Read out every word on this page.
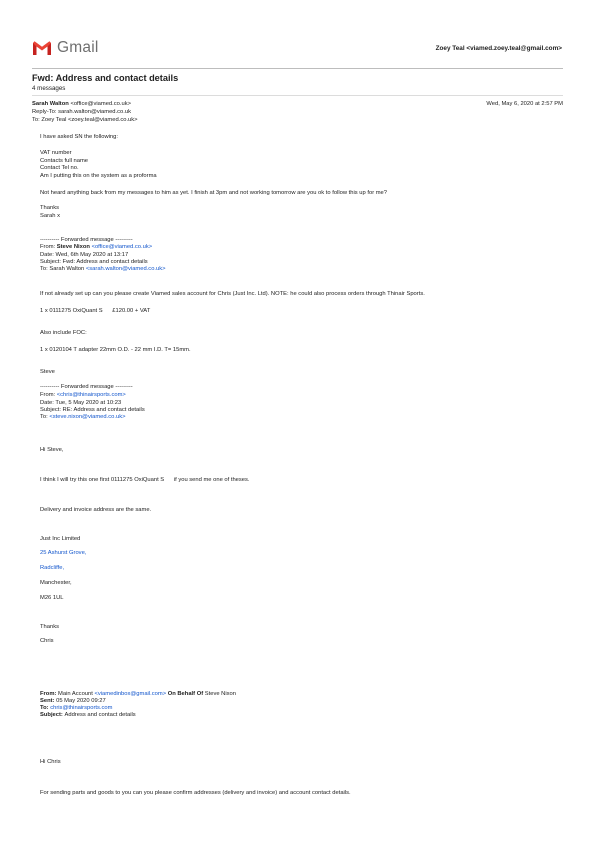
Gmail	Zoey Teal <viamed.zoey.teal@gmail.com>
Fwd: Address and contact details
4 messages
Sarah Walton <office@viamed.co.uk>	Wed, May 6, 2020 at 2:57 PM
Reply-To: sarah.walton@viamed.co.uk
To: Zoey Teal <zoey.teal@viamed.co.uk>
I have asked SN the following:
VAT number
Contacts full name
Contact Tel no.
Am I putting this on the system as a proforma
Not heard anything back from my messages to him as yet. I finish at 3pm and not working tomorrow are you ok to follow this up for me?
Thanks
Sarah x
---------- Forwarded message ---------
From: Steve Nixon <office@viamed.co.uk>
Date: Wed, 6th May 2020 at 13:17
Subject: Fwd: Address and contact details
To: Sarah Walton <sarah.walton@viamed.co.uk>
If not already set up can you please create Viamed sales account for Chris (Just Inc. Ltd). NOTE: he could also process orders through Thinair Sports.
1 x 0111275 OxiQuant S      £120.00 + VAT
Also include FOC:
1 x 0120104 T adapter 22mm O.D. - 22 mm I.D. T= 15mm.
Steve
---------- Forwarded message ---------
From: <chris@thinairsports.com>
Date: Tue, 5 May 2020 at 10:23
Subject: RE: Address and contact details
To: <steve.nixon@viamed.co.uk>
Hi Steve,
I think I will try this one first 0111275 OxiQuant S      if you send me one of theses.
Delivery and invoice address are the same.
Just Inc Limited
25 Ashurst Grove,
Radcliffe,
Manchester,
M26 1UL
Thanks
Chris
From: Main Account <viamedinbox@gmail.com> On Behalf Of Steve Nixon
Sent: 05 May 2020 09:27
To: chris@thinairsports.com
Subject: Address and contact details
Hi Chris
For sending parts and goods to you can you please confirm addresses (delivery and invoice) and account contact details.
